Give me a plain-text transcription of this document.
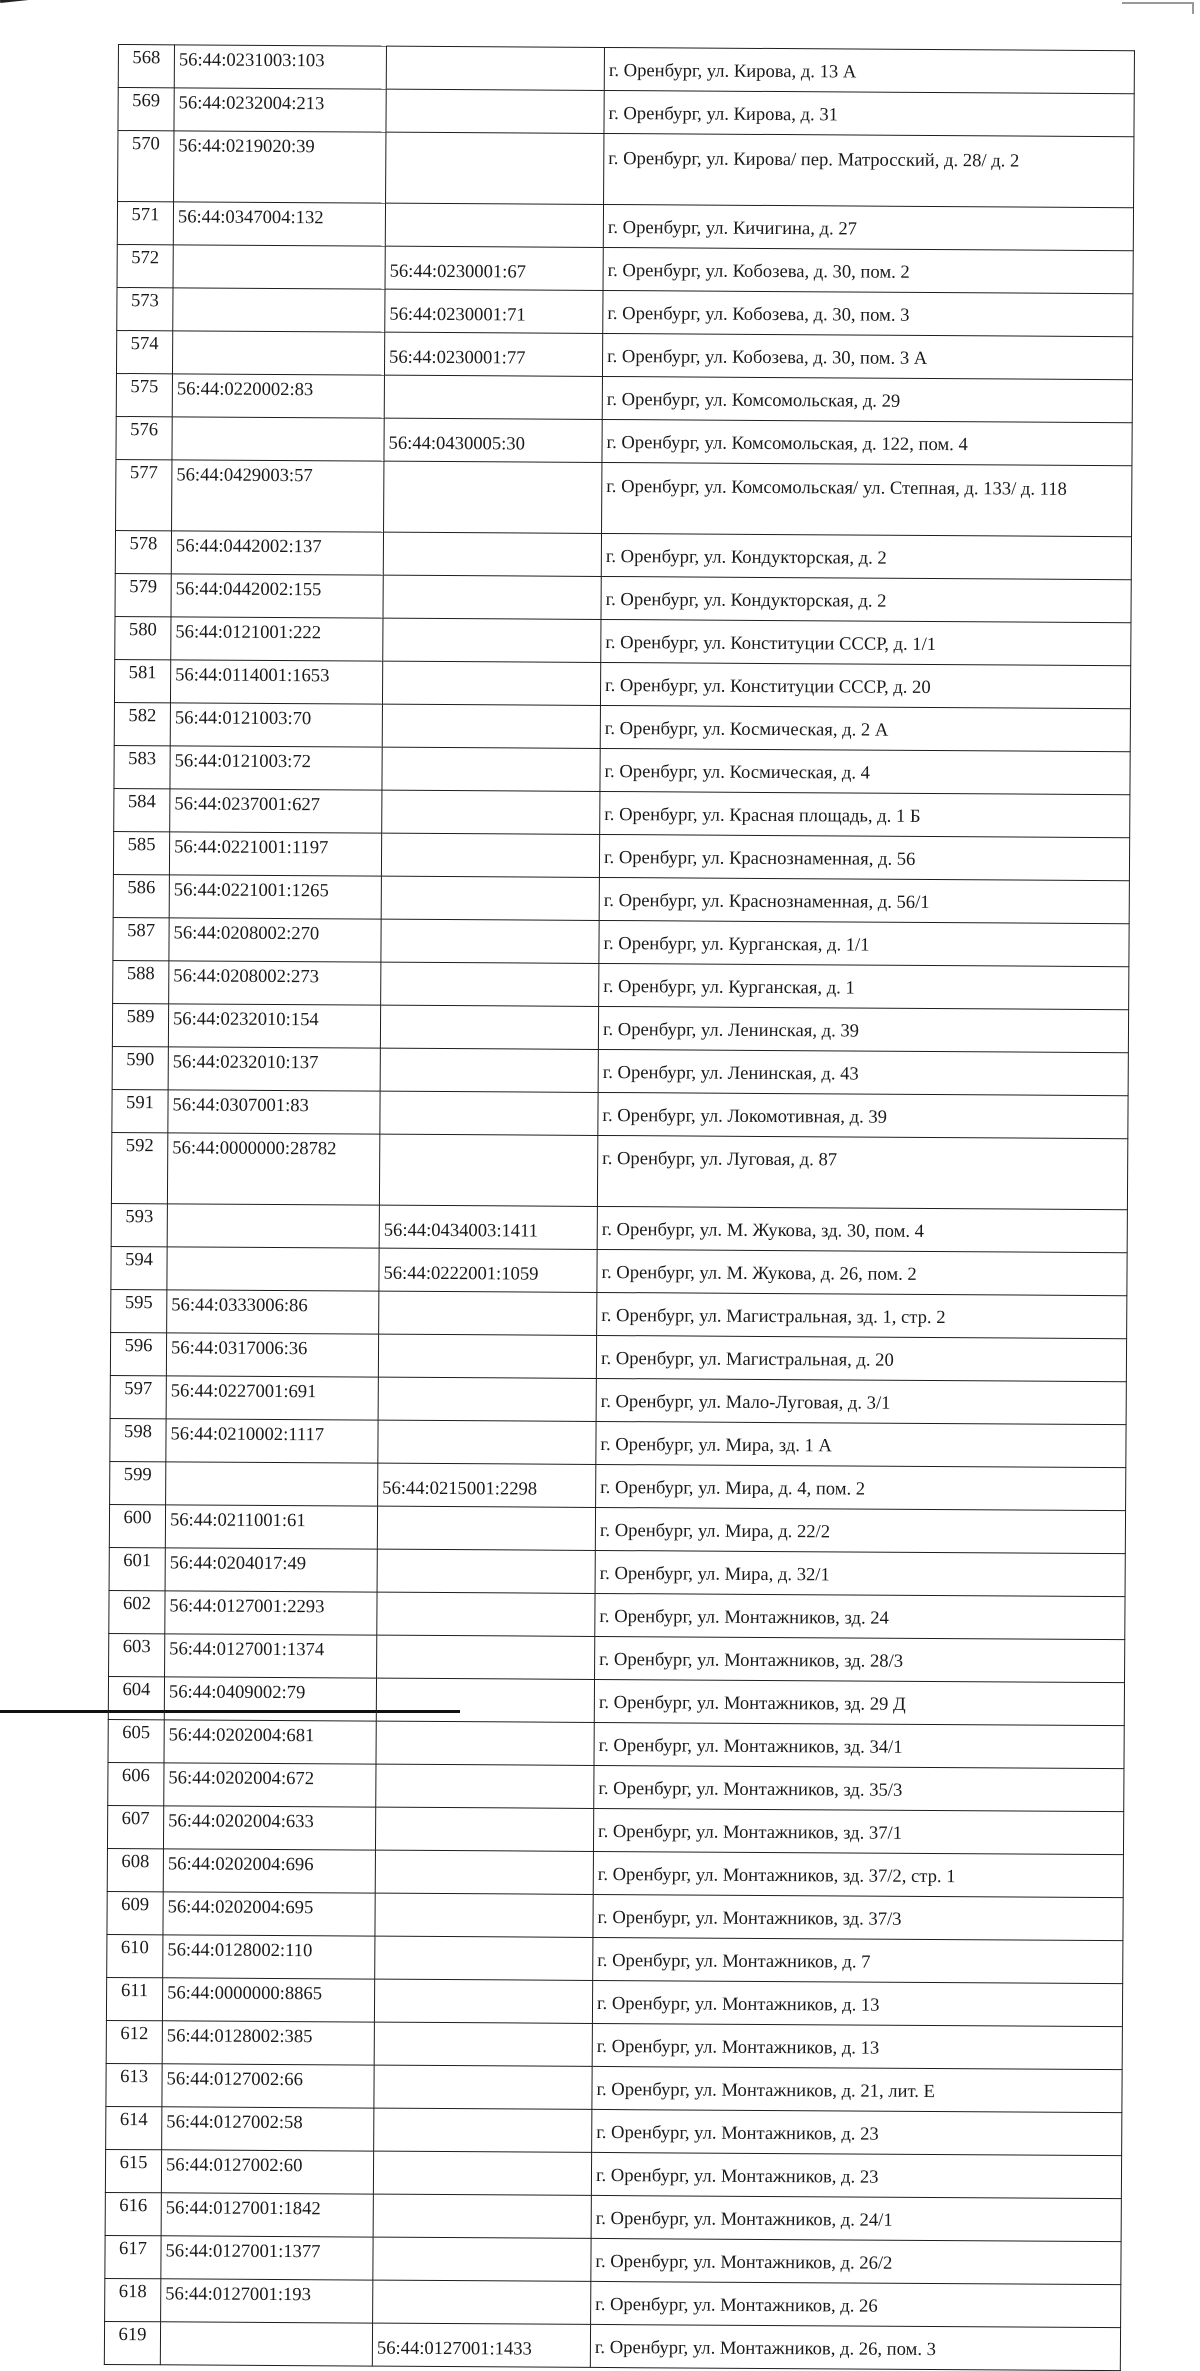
568	56:44:0231003:103		г. Оренбург, ул. Кирова, д. 13 А
569	56:44:0232004:213		г. Оренбург, ул. Кирова, д. 31
570	56:44:0219020:39		г. Оренбург, ул. Кирова/ пер. Матросский, д. 28/ д. 2
571	56:44:0347004:132		г. Оренбург, ул. Кичигина, д. 27
572		56:44:0230001:67	г. Оренбург, ул. Кобозева, д. 30, пом. 2
573		56:44:0230001:71	г. Оренбург, ул. Кобозева, д. 30, пом. 3
574		56:44:0230001:77	г. Оренбург, ул. Кобозева, д. 30, пом. 3 А
575	56:44:0220002:83		г. Оренбург, ул. Комсомольская, д. 29
576		56:44:0430005:30	г. Оренбург, ул. Комсомольская, д. 122, пом. 4
577	56:44:0429003:57		г. Оренбург, ул. Комсомольская/ ул. Степная, д. 133/ д. 118
578	56:44:0442002:137		г. Оренбург, ул. Кондукторская, д. 2
579	56:44:0442002:155		г. Оренбург, ул. Кондукторская, д. 2
580	56:44:0121001:222		г. Оренбург, ул. Конституции СССР, д. 1/1
581	56:44:0114001:1653		г. Оренбург, ул. Конституции СССР, д. 20
582	56:44:0121003:70		г. Оренбург, ул. Космическая, д. 2 А
583	56:44:0121003:72		г. Оренбург, ул. Космическая, д. 4
584	56:44:0237001:627		г. Оренбург, ул. Красная площадь, д. 1 Б
585	56:44:0221001:1197		г. Оренбург, ул. Краснознаменная, д. 56
586	56:44:0221001:1265		г. Оренбург, ул. Краснознаменная, д. 56/1
587	56:44:0208002:270		г. Оренбург, ул. Курганская, д. 1/1
588	56:44:0208002:273		г. Оренбург, ул. Курганская, д. 1
589	56:44:0232010:154		г. Оренбург, ул. Ленинская, д. 39
590	56:44:0232010:137		г. Оренбург, ул. Ленинская, д. 43
591	56:44:0307001:83		г. Оренбург, ул. Локомотивная, д. 39
592	56:44:0000000:28782		г. Оренбург, ул. Луговая, д. 87
593		56:44:0434003:1411	г. Оренбург, ул. М. Жукова, зд. 30, пом. 4
594		56:44:0222001:1059	г. Оренбург, ул. М. Жукова, д. 26, пом. 2
595	56:44:0333006:86		г. Оренбург, ул. Магистральная, зд. 1, стр. 2
596	56:44:0317006:36		г. Оренбург, ул. Магистральная, д. 20
597	56:44:0227001:691		г. Оренбург, ул. Мало-Луговая, д. 3/1
598	56:44:0210002:1117		г. Оренбург, ул. Мира, зд. 1 А
599		56:44:0215001:2298	г. Оренбург, ул. Мира, д. 4, пом. 2
600	56:44:0211001:61		г. Оренбург, ул. Мира, д. 22/2
601	56:44:0204017:49		г. Оренбург, ул. Мира, д. 32/1
602	56:44:0127001:2293		г. Оренбург, ул. Монтажников, зд. 24
603	56:44:0127001:1374		г. Оренбург, ул. Монтажников, зд. 28/3
604	56:44:0409002:79		г. Оренбург, ул. Монтажников, зд. 29 Д
605	56:44:0202004:681		г. Оренбург, ул. Монтажников, зд. 34/1
606	56:44:0202004:672		г. Оренбург, ул. Монтажников, зд. 35/3
607	56:44:0202004:633		г. Оренбург, ул. Монтажников, зд. 37/1
608	56:44:0202004:696		г. Оренбург, ул. Монтажников, зд. 37/2, стр. 1
609	56:44:0202004:695		г. Оренбург, ул. Монтажников, зд. 37/3
610	56:44:0128002:110		г. Оренбург, ул. Монтажников, д. 7
611	56:44:0000000:8865		г. Оренбург, ул. Монтажников, д. 13
612	56:44:0128002:385		г. Оренбург, ул. Монтажников, д. 13
613	56:44:0127002:66		г. Оренбург, ул. Монтажников, д. 21, лит. Е
614	56:44:0127002:58		г. Оренбург, ул. Монтажников, д. 23
615	56:44:0127002:60		г. Оренбург, ул. Монтажников, д. 23
616	56:44:0127001:1842		г. Оренбург, ул. Монтажников, д. 24/1
617	56:44:0127001:1377		г. Оренбург, ул. Монтажников, д. 26/2
618	56:44:0127001:193		г. Оренбург, ул. Монтажников, д. 26
619		56:44:0127001:1433	г. Оренбург, ул. Монтажников, д. 26, пом. 3
